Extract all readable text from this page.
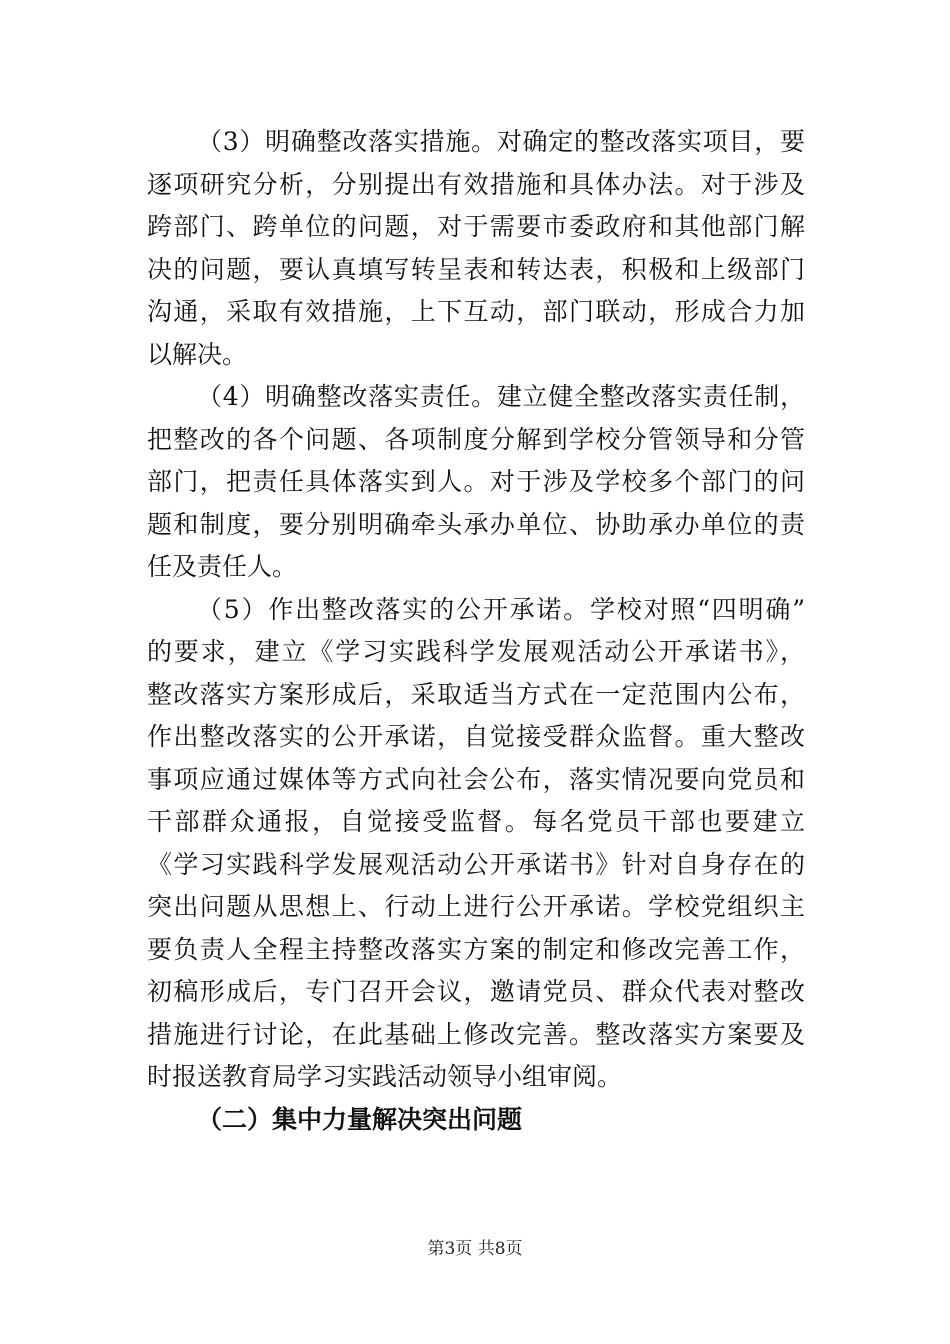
（3）明确整改落实措施。对确定的整改落实项目，要
逐项研究分析，分别提出有效措施和具体办法。对于涉及
跨部门、跨单位的问题，对于需要市委政府和其他部门解
决的问题，要认真填写转呈表和转达表，积极和上级部门
沟通，采取有效措施，上下互动，部门联动，形成合力加
以解决。
（4）明确整改落实责任。建立健全整改落实责任制，
把整改的各个问题、各项制度分解到学校分管领导和分管
部门，把责任具体落实到人。对于涉及学校多个部门的问
题和制度，要分别明确牵头承办单位、协助承办单位的责
任及责任人。
（5）作出整改落实的公开承诺。学校对照“四明确”
的要求，建立《学习实践科学发展观活动公开承诺书》，
整改落实方案形成后，采取适当方式在一定范围内公布，
作出整改落实的公开承诺，自觉接受群众监督。重大整改
事项应通过媒体等方式向社会公布，落实情况要向党员和
干部群众通报，自觉接受监督。每名党员干部也要建立
《学习实践科学发展观活动公开承诺书》针对自身存在的
突出问题从思想上、行动上进行公开承诺。学校党组织主
要负责人全程主持整改落实方案的制定和修改完善工作，
初稿形成后，专门召开会议，邀请党员、群众代表对整改
措施进行讨论，在此基础上修改完善。整改落实方案要及
时报送教育局学习实践活动领导小组审阅。
（二）集中力量解决突出问题
第3页 共8页
